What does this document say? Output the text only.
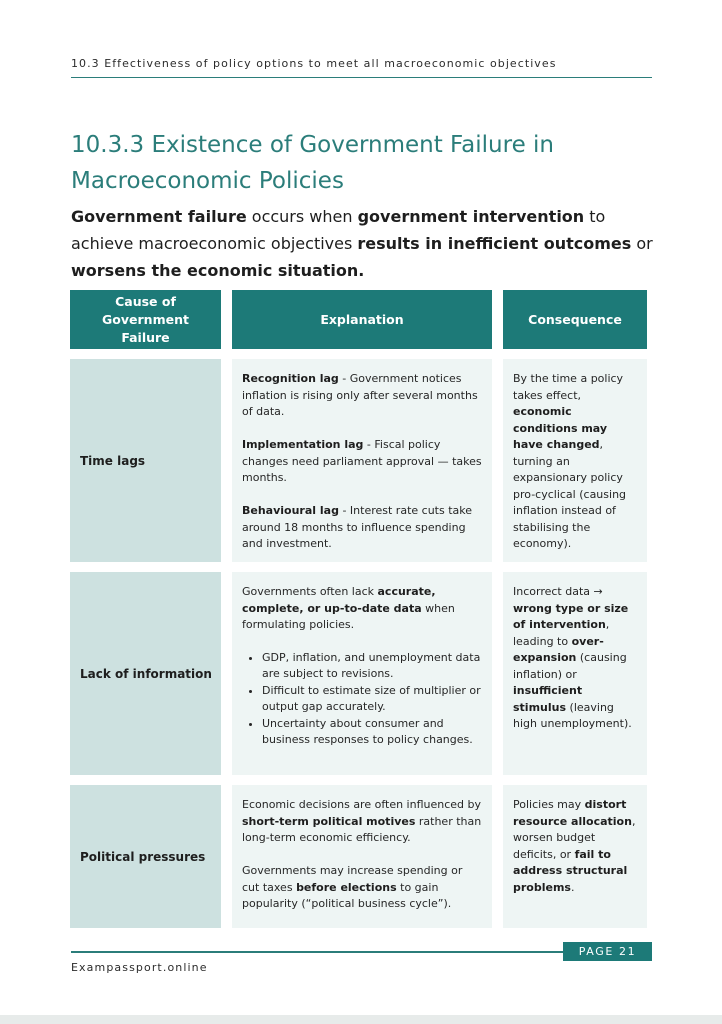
10.3 Effectiveness of policy options to meet all macroeconomic objectives
10.3.3 Existence of Government Failure in Macroeconomic Policies

Government failure occurs when government intervention to achieve macroeconomic objectives results in inefficient outcomes or worsens the economic situation.

Cause of Government Failure
Explanation	Consequence
Time lags

Recognition lag - Government notices inflation is rising only after several months of data.

Implementation lag - Fiscal policy changes need parliament approval — takes months.

Behavioural lag - Interest rate cuts take around 18 months to influence spending and investment.

By the time a policy takes effect, economic conditions may have changed, turning an expansionary policy pro-cyclical (causing inflation instead of stabilising the economy).

Lack of information

Governments often lack accurate, complete, or up-to-date data when formulating policies.

• GDP, inflation, and unemployment data are subject to revisions.
• Difficult to estimate size of multiplier or output gap accurately.
• Uncertainty about consumer and business responses to policy changes.

Incorrect data → wrong type or size of intervention, leading to over-expansion (causing inflation) or insufficient stimulus (leaving high unemployment).

Political pressures

Economic decisions are often influenced by short-term political motives rather than long-term economic efficiency.

Governments may increase spending or cut taxes before elections to gain popularity (“political business cycle”).

Policies may distort resource allocation, worsen budget deficits, or fail to address structural problems.

PAGE 21
Exampassport.online
